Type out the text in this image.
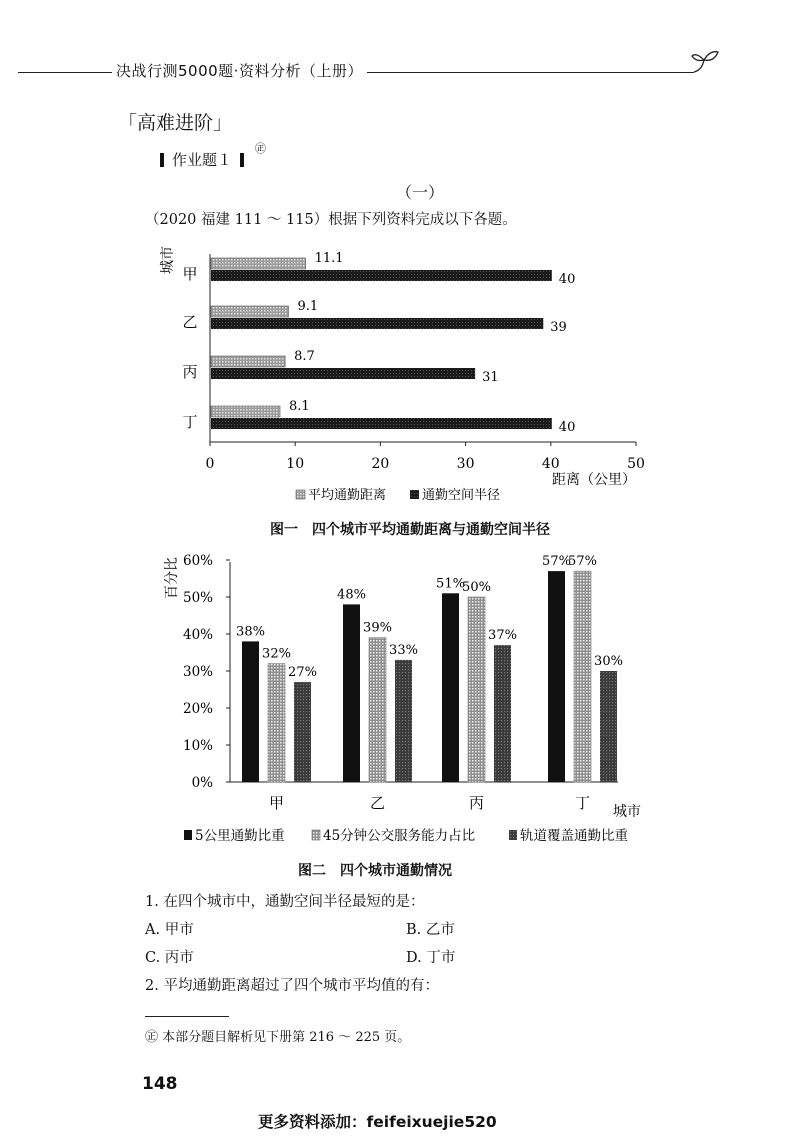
决战行测5000题·资料分析（上册）
「高难进阶」
作业题１
㊣
（一）
（2020 福建 111 ～ 115）根据下列资料完成以下各题。
城市
0	10	20	30	40	50
11.1
40
9.1
39
8.7
31
8.1
40
甲
乙
丙
丁
距离（公里）
平均通勤距离	通勤空间半径
图一　四个城市平均通勤距离与通勤空间半径
百分比
0%
10%
20%
30%
40%
50%
60%
38%
32%
27%
48%
39%
33%
51%
50%
37%
57%
57%
30%
甲	乙	丙	丁 城市
5公里通勤比重	45分钟公交服务能力占比	轨道覆盖通勤比重
图二　四个城市通勤情况
1. 在四个城市中，通勤空间半径最短的是：
A. 甲市	B. 乙市
C. 丙市	D. 丁市
2. 平均通勤距离超过了四个城市平均值的有：
㊣ 本部分题目解析见下册第 216 ～ 225 页。
148
更多资料添加：feifeixuejie520
